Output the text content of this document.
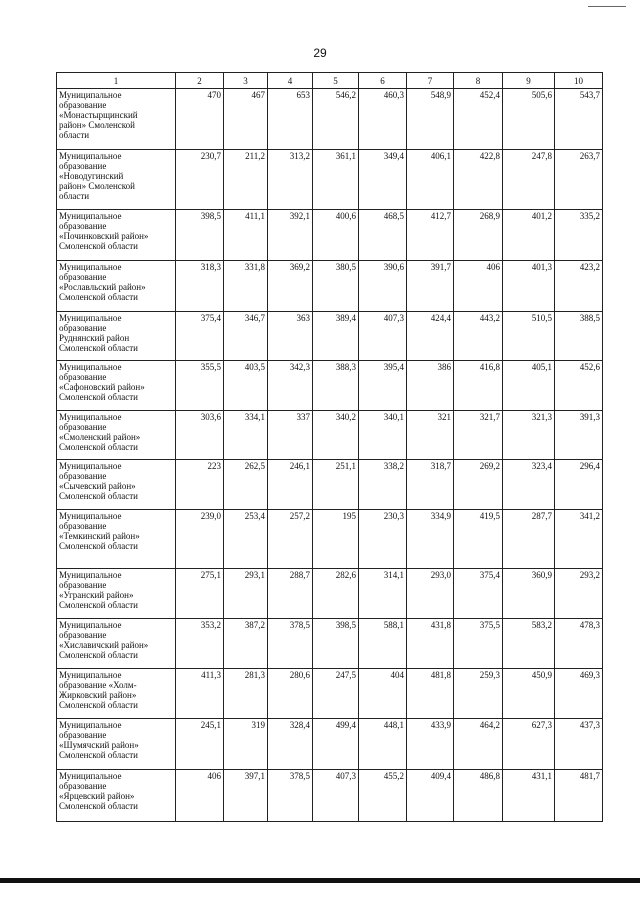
29
1	2	3	4	5	6	7	8	9	10
Муниципальное
образование
«Монастырщинский
район» Смоленской
области	470	467	653	546,2	460,3	548,9	452,4	505,6	543,7
Муниципальное
образование
«Новодугинский
район» Смоленской
области	230,7	211,2	313,2	361,1	349,4	406,1	422,8	247,8	263,7
Муниципальное
образование
«Починковский район»
Смоленской области	398,5	411,1	392,1	400,6	468,5	412,7	268,9	401,2	335,2
Муниципальное
образование
«Рославльский район»
Смоленской области	318,3	331,8	369,2	380,5	390,6	391,7	406	401,3	423,2
Муниципальное
образование
Руднянский район
Смоленской области	375,4	346,7	363	389,4	407,3	424,4	443,2	510,5	388,5
Муниципальное
образование
«Сафоновский район»
Смоленской области	355,5	403,5	342,3	388,3	395,4	386	416,8	405,1	452,6
Муниципальное
образование
«Смоленский район»
Смоленской области	303,6	334,1	337	340,2	340,1	321	321,7	321,3	391,3
Муниципальное
образование
«Сычевский район»
Смоленской области	223	262,5	246,1	251,1	338,2	318,7	269,2	323,4	296,4
Муниципальное
образование
«Темкинский район»
Смоленской области	239,0	253,4	257,2	195	230,3	334,9	419,5	287,7	341,2
Муниципальное
образование
«Угранский район»
Смоленской области	275,1	293,1	288,7	282,6	314,1	293,0	375,4	360,9	293,2
Муниципальное
образование
«Хиславичский район»
Смоленской области	353,2	387,2	378,5	398,5	588,1	431,8	375,5	583,2	478,3
Муниципальное
образование «Холм-
Жирковский район»
Смоленской области	411,3	281,3	280,6	247,5	404	481,8	259,3	450,9	469,3
Муниципальное
образование
«Шумячский район»
Смоленской области	245,1	319	328,4	499,4	448,1	433,9	464,2	627,3	437,3
Муниципальное
образование
«Ярцевский район»
Смоленской области	406	397,1	378,5	407,3	455,2	409,4	486,8	431,1	481,7
